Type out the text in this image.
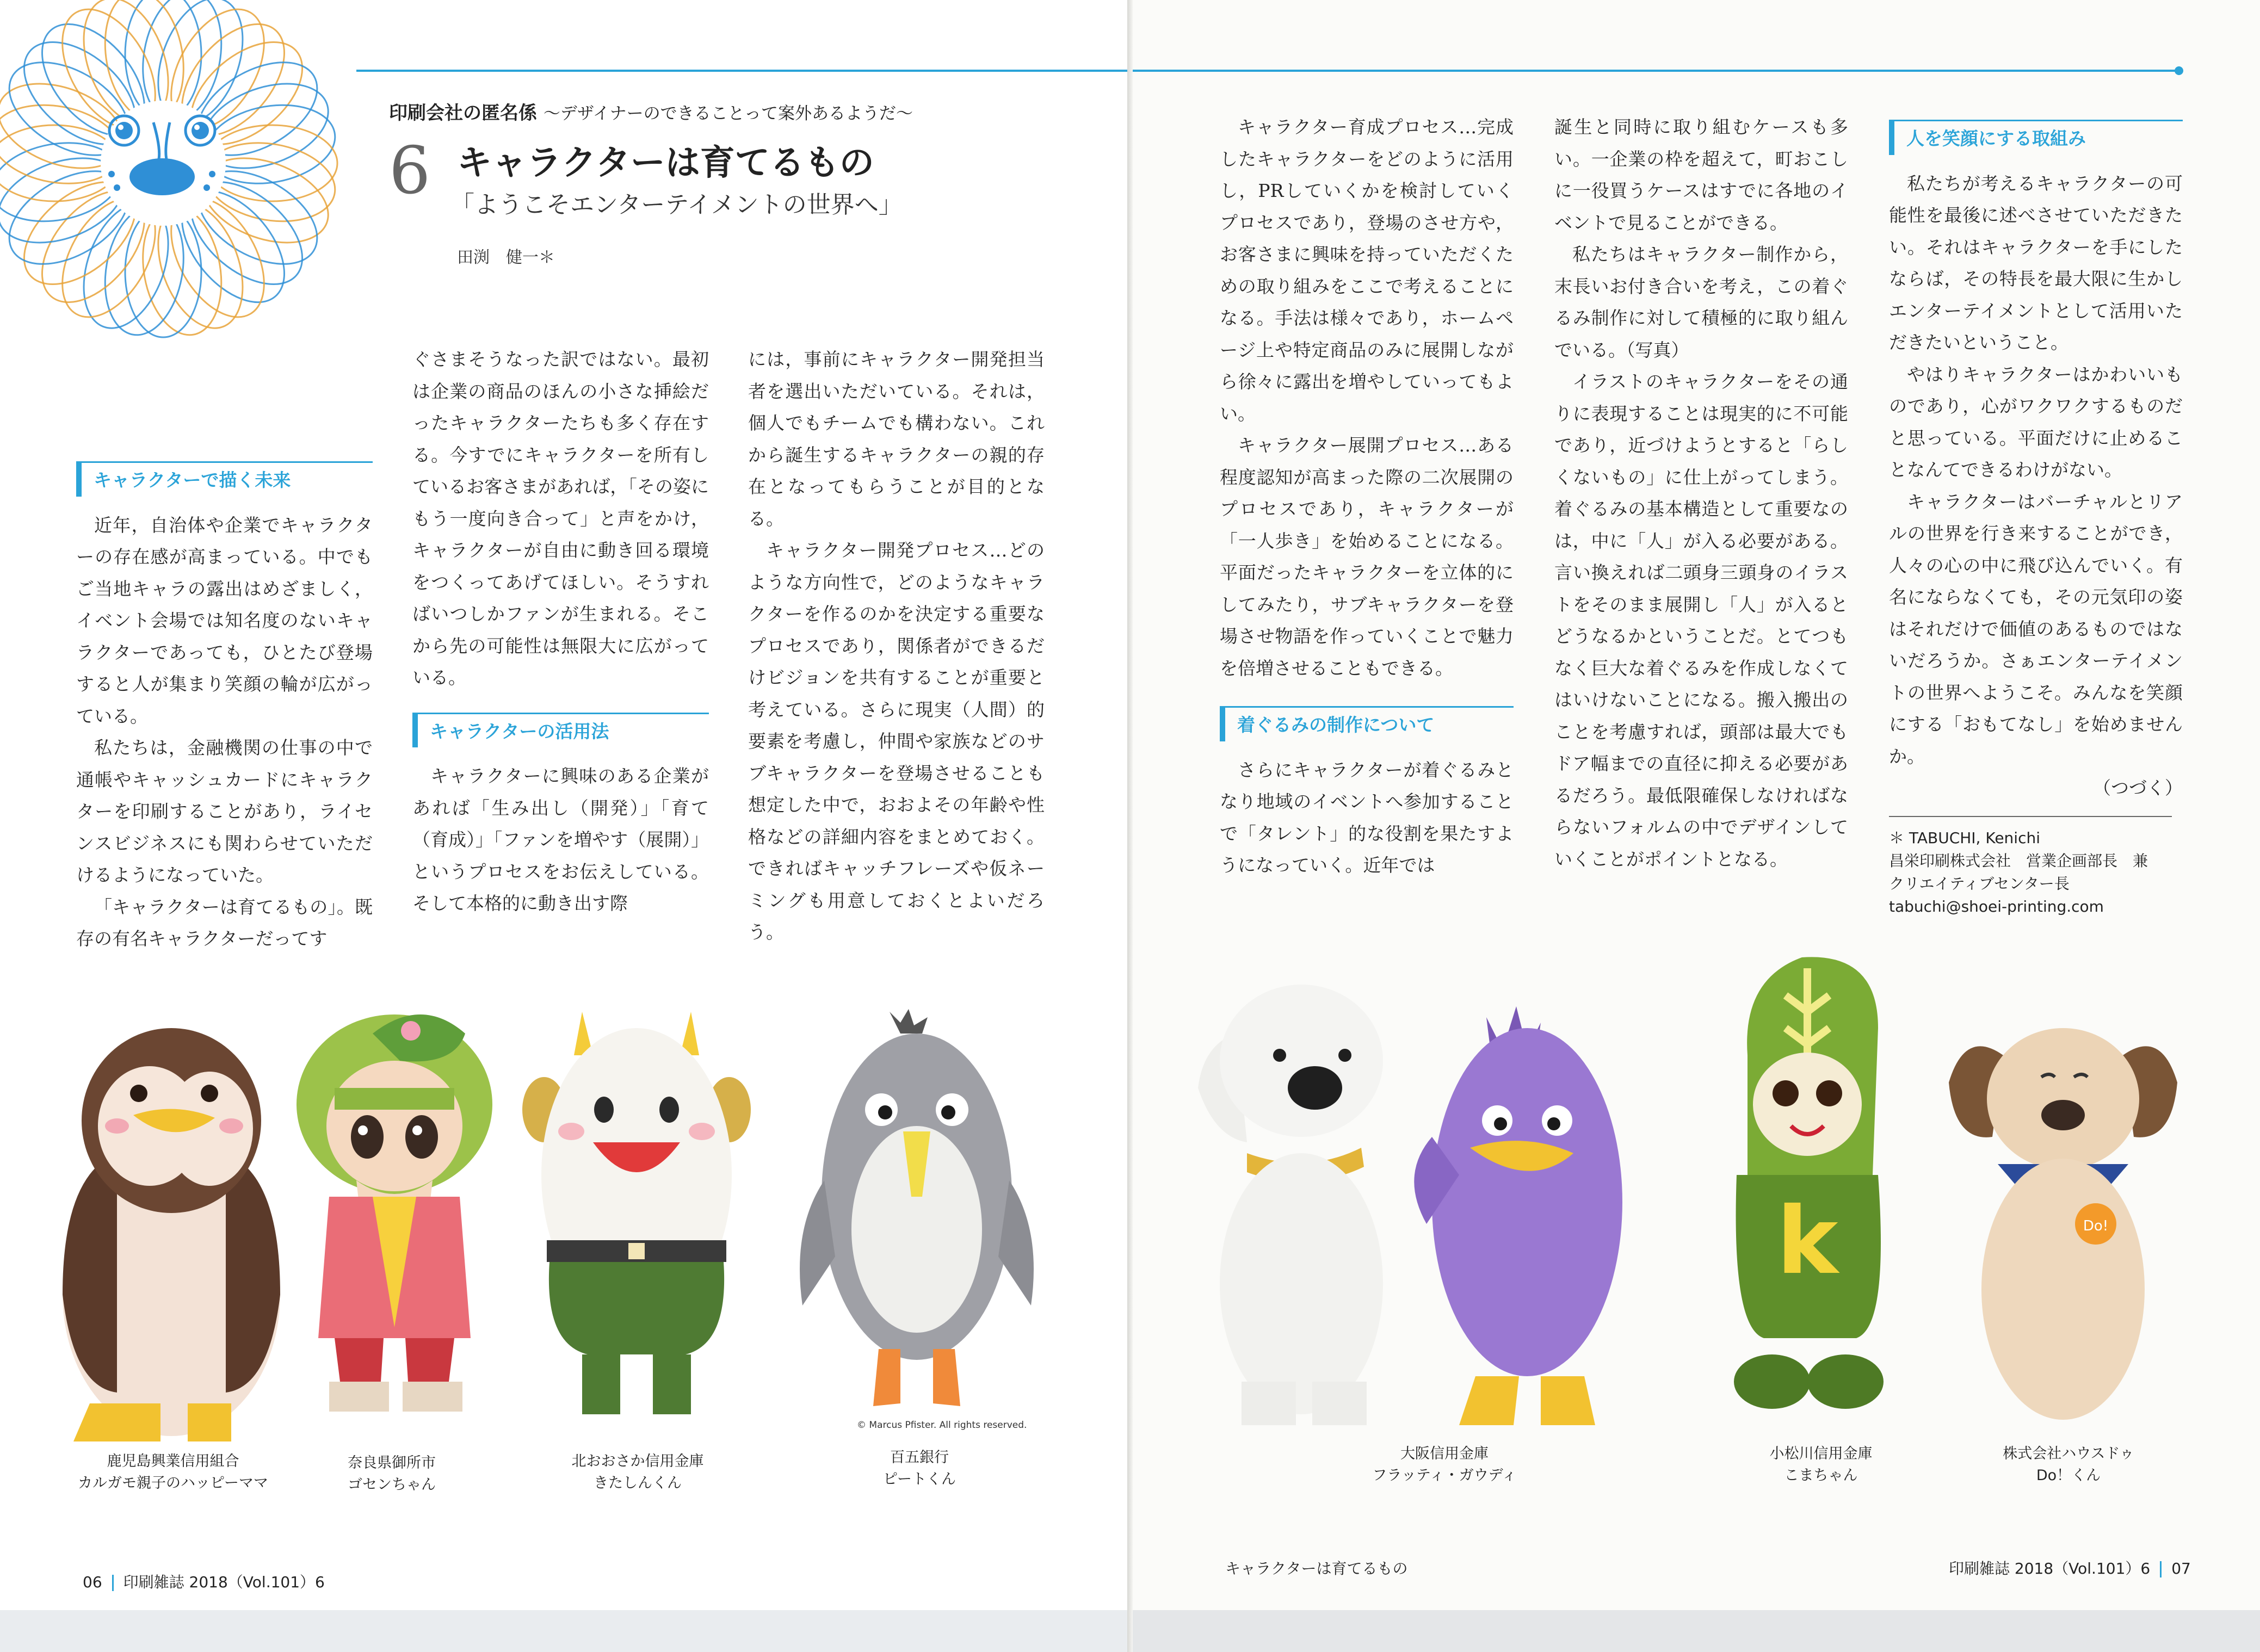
印刷会社の匿名係 ～デザイナーのできることって案外あるようだ～
6 キャラクターは育てるもの
「ようこそエンターテイメントの世界へ」
田渕　健一＊
キャラクターで描く未来

近年，自治体や企業でキャラクターの存在感が高まっている。中でもご当地キャラの露出はめざましく，イベント会場では知名度のないキャラクターであっても，ひとたび登場すると人が集まり笑顔の輪が広がっている。

私たちは，金融機関の仕事の中で通帳やキャッシュカードにキャラクターを印刷することがあり，ライセンスビジネスにも関わらせていただけるようになっていた。

「キャラクターは育てるもの」。既存の有名キャラクターだってす

ぐさまそうなった訳ではない。最初は企業の商品のほんの小さな挿絵だったキャラクターたちも多く存在する。今すでにキャラクターを所有しているお客さまがあれば，「その姿にもう一度向き合って」と声をかけ，キャラクターが自由に動き回る環境をつくってあげてほしい。そうすればいつしかファンが生まれる。そこから先の可能性は無限大に広がっている。

キャラクターの活用法

キャラクターに興味のある企業があれば「生み出し（開発）」「育て（育成）」「ファンを増やす（展開）」というプロセスをお伝えしている。そして本格的に動き出す際

には，事前にキャラクター開発担当者を選出いただいている。それは，個人でもチームでも構わない。これから誕生するキャラクターの親的存在となってもらうことが目的となる。

キャラクター開発プロセス…どのような方向性で，どのようなキャラクターを作るのかを決定する重要なプロセスであり，関係者ができるだけビジョンを共有することが重要と考えている。さらに現実（人間）的要素を考慮し，仲間や家族などのサブキャラクターを登場させることも想定した中で，おおよその年齢や性格などの詳細内容をまとめておく。できればキャッチフレーズや仮ネーミングも用意しておくとよいだろう。

© Marcus Pfister. All rights reserved.
鹿児島興業信用組合
カルガモ親子のハッピーママ
奈良県御所市
ゴセンちゃん
北おおさか信用金庫
きたしんくん
百五銀行
ピートくん
06 印刷雑誌 2018（Vol.101）6

キャラクター育成プロセス…完成したキャラクターをどのように活用し，PRしていくかを検討していくプロセスであり，登場のさせ方や，お客さまに興味を持っていただくための取り組みをここで考えることになる。手法は様々であり，ホームページ上や特定商品のみに展開しながら徐々に露出を増やしていってもよい。

キャラクター展開プロセス…ある程度認知が高まった際の二次展開のプロセスであり，キャラクターが「一人歩き」を始めることになる。平面だったキャラクターを立体的にしてみたり，サブキャラクターを登場させ物語を作っていくことで魅力を倍増させることもできる。

着ぐるみの制作について

さらにキャラクターが着ぐるみとなり地域のイベントへ参加することで「タレント」的な役割を果たすようになっていく。近年では

誕生と同時に取り組むケースも多い。一企業の枠を超えて，町おこしに一役買うケースはすでに各地のイベントで見ることができる。

私たちはキャラクター制作から，末長いお付き合いを考え，この着ぐるみ制作に対して積極的に取り組んでいる。（写真）

イラストのキャラクターをその通りに表現することは現実的に不可能であり，近づけようとすると「らしくないもの」に仕上がってしまう。着ぐるみの基本構造として重要なのは，中に「人」が入る必要がある。言い換えれば二頭身三頭身のイラストをそのまま展開し「人」が入るとどうなるかということだ。とてつもなく巨大な着ぐるみを作成しなくてはいけないことになる。搬入搬出のことを考慮すれば，頭部は最大でもドア幅までの直径に抑える必要があるだろう。最低限確保しなければならないフォルムの中でデザインしていくことがポイントとなる。

人を笑顔にする取組み

私たちが考えるキャラクターの可能性を最後に述べさせていただきたい。それはキャラクターを手にしたならば，その特長を最大限に生かしエンターテイメントとして活用いただきたいということ。

やはりキャラクターはかわいいものであり，心がワクワクするものだと思っている。平面だけに止めることなんてできるわけがない。

キャラクターはバーチャルとリアルの世界を行き来することができ，人々の心の中に飛び込んでいく。有名にならなくても，その元気印の姿はそれだけで価値のあるものではないだろうか。さぁエンターテイメントの世界へようこそ。みんなを笑顔にする「おもてなし」を始めませんか。

（つづく）

＊ TABUCHI, Kenichi
昌栄印刷株式会社　営業企画部長　兼
クリエイティブセンター長
tabuchi@shoei-printing.com
k	Do!
大阪信用金庫
フラッティ・ガウディ
小松川信用金庫
こまちゃん
株式会社ハウスドゥ
Do！くん
キャラクターは育てるもの	印刷雑誌 2018（Vol.101）6 07
